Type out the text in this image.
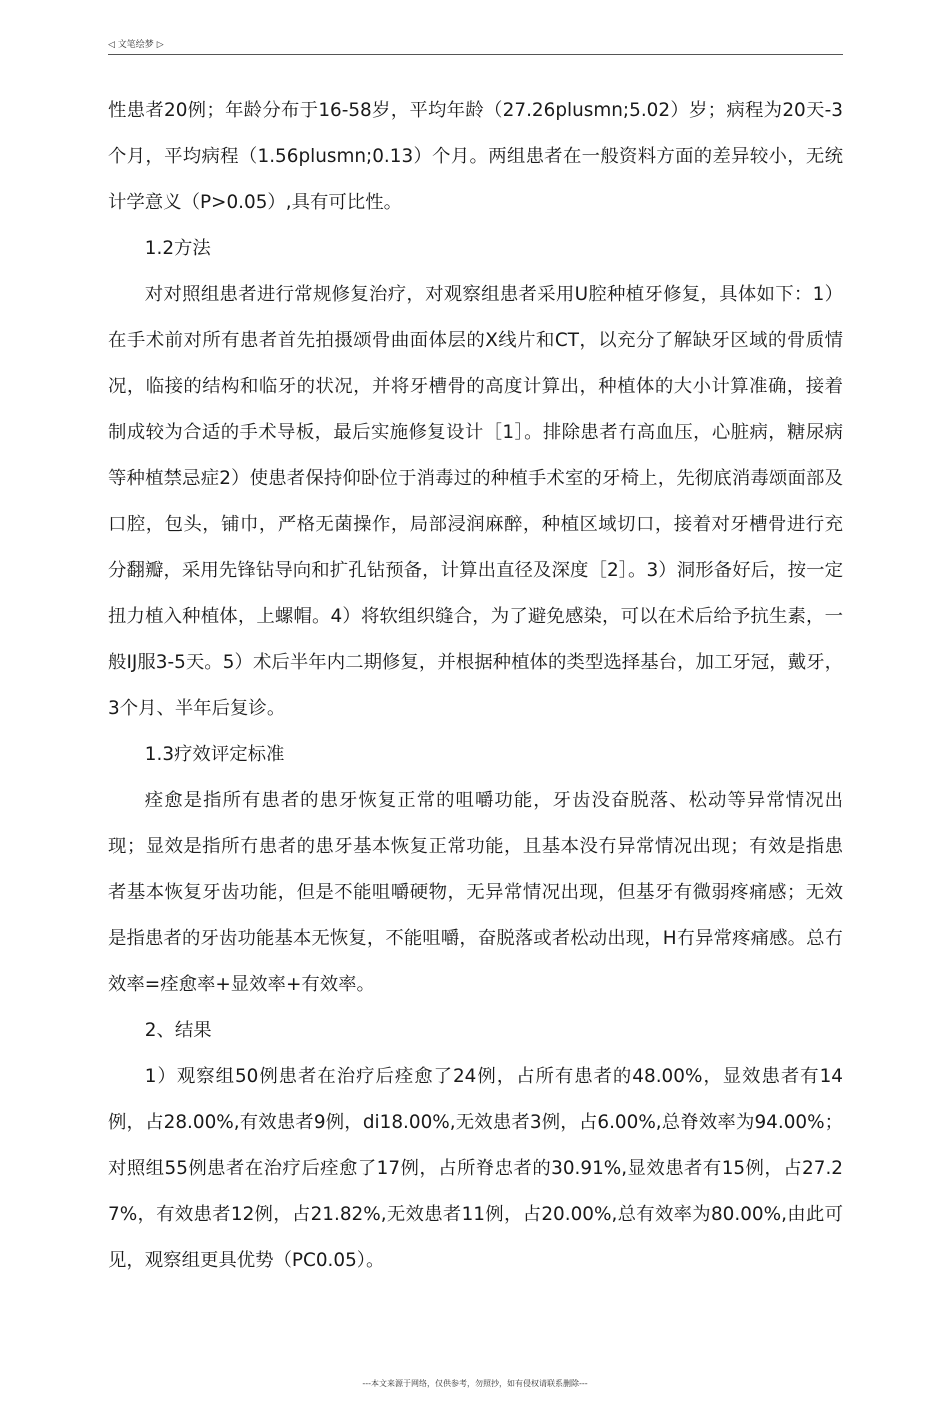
◁ 文笔绘梦 ▷

性患者20例；年龄分布于16-58岁，平均年龄（27.26plusmn;5.02）岁；病程为20天-3个月，平均病程（1.56plusmn;0.13）个月。两组患者在一般资料方面的差异较小，无统计学意义（P>0.05）,具有可比性。

1.2方法

对对照组患者进行常规修复治疗，对观察组患者采用U腔种植牙修复，具体如下：1）在手术前对所有患者首先拍摄颂骨曲面体层的X线片和CT，以充分了解缺牙区域的骨质情况，临接的结构和临牙的状况，并将牙槽骨的高度计算出，种植体的大小计算准确，接着制成较为合适的手术导板，最后实施修复设计［1］。排除患者冇高血压，心脏病，糖尿病等种植禁忌症2）使患者保持仰卧位于消毒过的种植手术室的牙椅上，先彻底消毒颂面部及口腔，包头，铺巾，严格无菌操作，局部浸润麻醉，种植区域切口，接着对牙槽骨进行充分翻瓣，采用先锋钻导向和扩孔钻预备，计算出直径及深度［2］。3）洞形备好后，按一定扭力植入种植体，上螺帽。4）将软组织缝合，为了避免感染，可以在术后给予抗生素，一般IJ服3-5天。5）术后半年内二期修复，并根据种植体的类型选择基台，加工牙冠，戴牙，3个月、半年后复诊。

1.3疗效评定标准

痊愈是指所有患者的患牙恢复正常的咀嚼功能，牙齿没奋脱落、松动等异常情况出现；显效是指所冇患者的患牙基本恢复正常功能，且基本没冇异常情况出现；有效是指患者基本恢复牙齿功能，但是不能咀嚼硬物，无异常情况出现，但基牙有微弱疼痛感；无效是指患者的牙齿功能基本无恢复，不能咀嚼，奋脱落或者松动出现，H冇异常疼痛感。总冇效率=痊愈率+显效率+有效率。

2、结果

1）观察组50例患者在治疗后痊愈了24例，占所有患者的48.00%，显效患者有14例，占28.00%,有效患者9例，di18.00%,无效患者3例，占6.00%,总脊效率为94.00%；对照组55例患者在治疗后痊愈了17例，占所脊忠者的30.91%,显效患者有15例，占27.27%，有效患者12例，占21.82%,无效患者11例，占20.00%,总有效率为80.00%,由此可见，观察组更具优势（PC0.05）。

---本文来源于网络，仅供参考，勿照抄，如有侵权请联系删除---
